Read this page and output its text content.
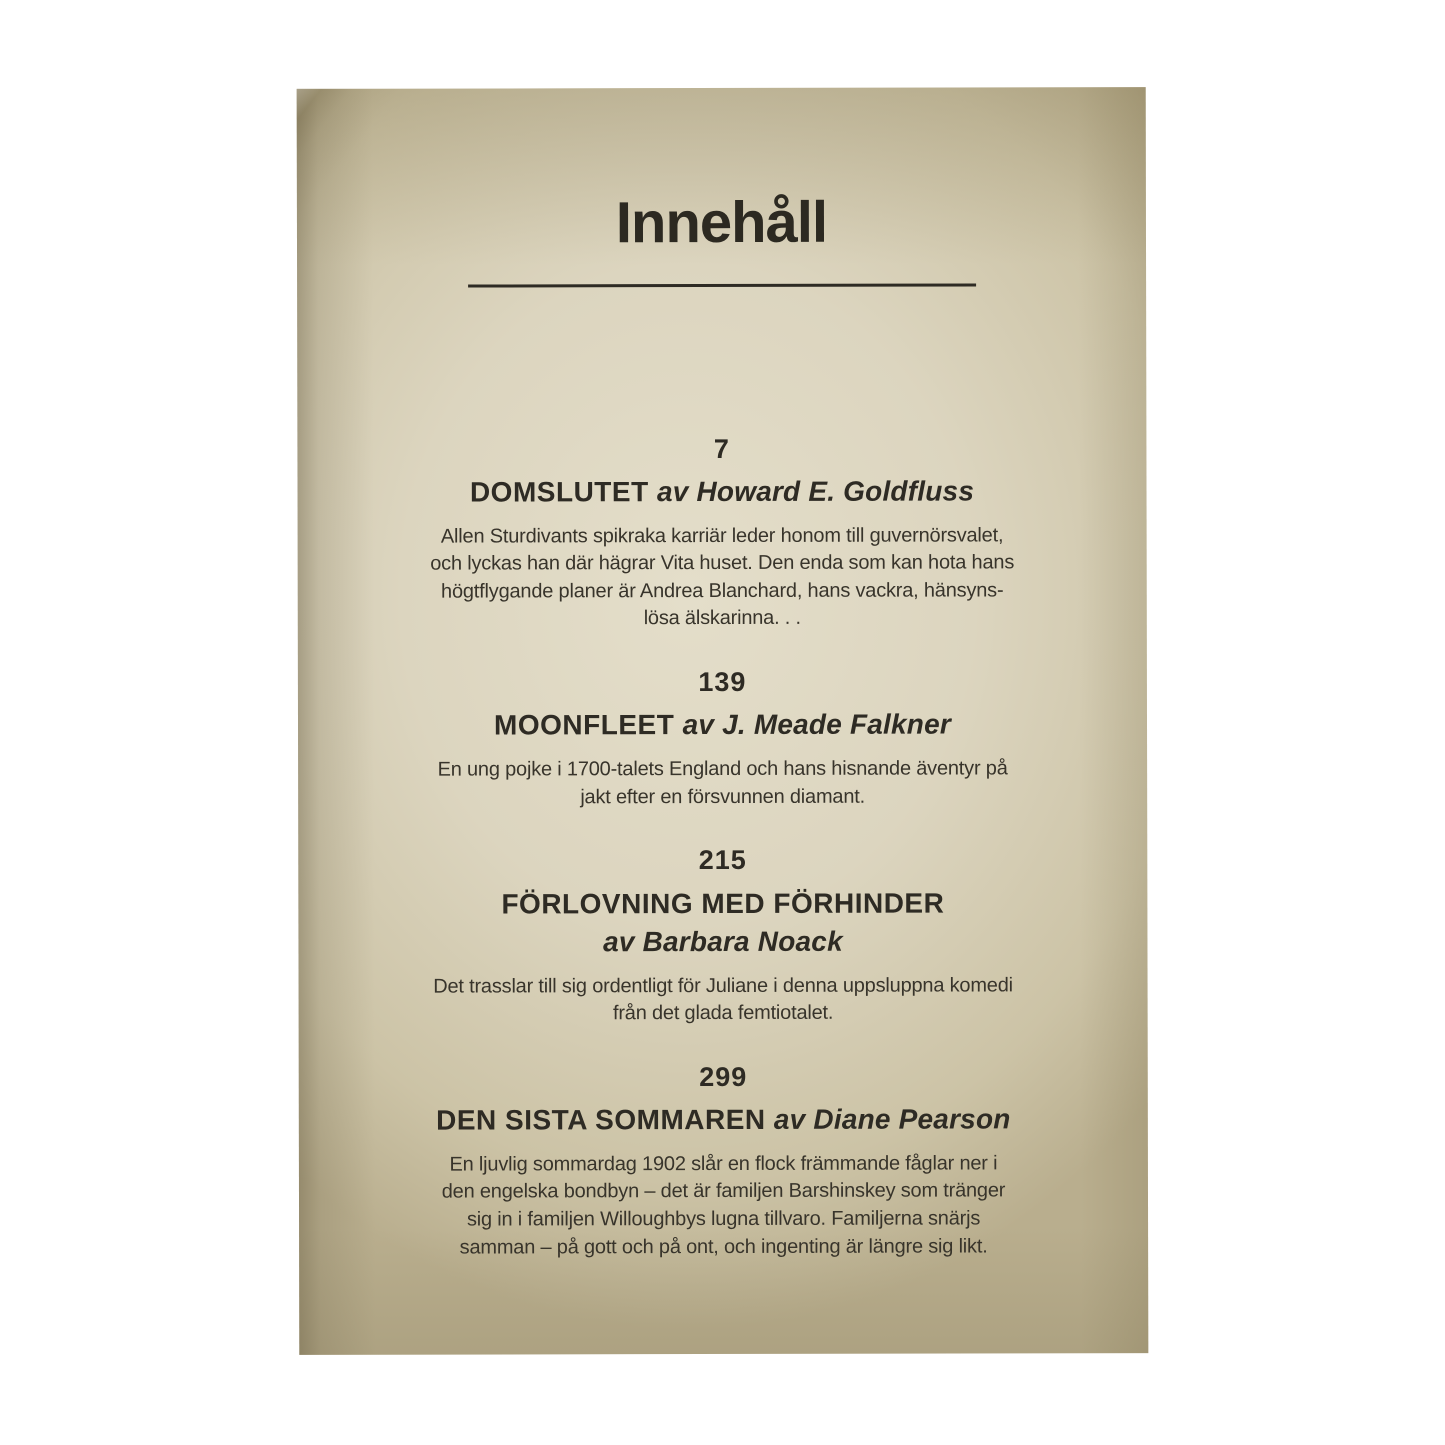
Innehåll
7
DOMSLUTET av Howard E. Goldfluss
Allen Sturdivants spikraka karriär leder honom till guvernörsvalet,
och lyckas han där hägrar Vita huset. Den enda som kan hota hans
högtflygande planer är Andrea Blanchard, hans vackra, hänsyns-
lösa älskarinna. . .
139
MOONFLEET av J. Meade Falkner
En ung pojke i 1700-talets England och hans hisnande äventyr på
jakt efter en försvunnen diamant.
215
FÖRLOVNING MED FÖRHINDER
av Barbara Noack
Det trasslar till sig ordentligt för Juliane i denna uppsluppna komedi
från det glada femtiotalet.
299
DEN SISTA SOMMAREN av Diane Pearson
En ljuvlig sommardag 1902 slår en flock främmande fåglar ner i
den engelska bondbyn – det är familjen Barshinskey som tränger
sig in i familjen Willoughbys lugna tillvaro. Familjerna snärjs
samman – på gott och på ont, och ingenting är längre sig likt.
